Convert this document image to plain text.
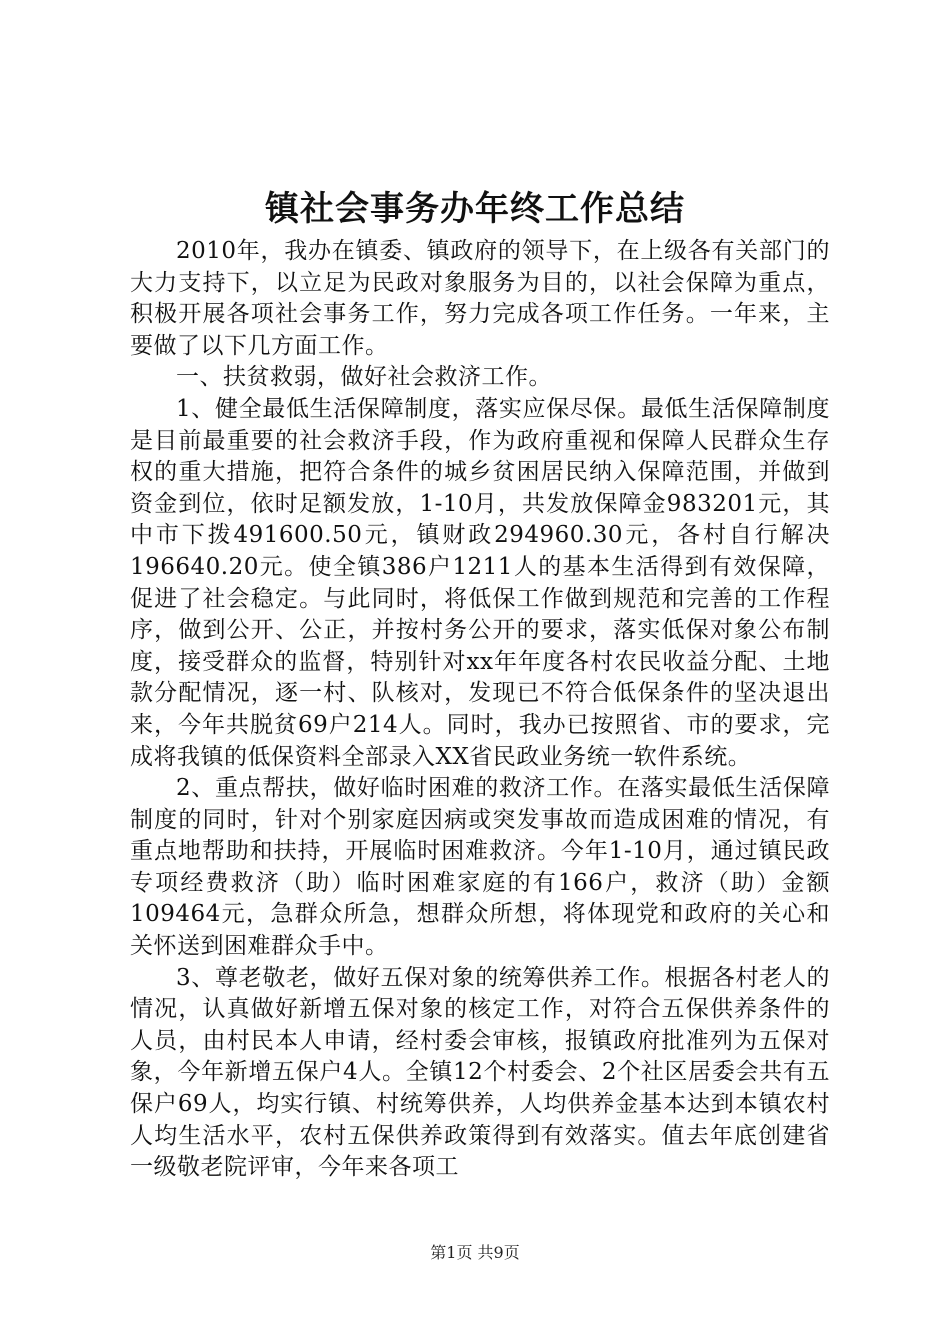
镇社会事务办年终工作总结

2010年，我办在镇委、镇政府的领导下，在上级各有关部门的大力支持下，以立足为民政对象服务为目的，以社会保障为重点，积极开展各项社会事务工作，努力完成各项工作任务。一年来，主要做了以下几方面工作。

一、扶贫救弱，做好社会救济工作。

1、健全最低生活保障制度，落实应保尽保。最低生活保障制度是目前最重要的社会救济手段，作为政府重视和保障人民群众生存权的重大措施，把符合条件的城乡贫困居民纳入保障范围，并做到资金到位，依时足额发放，1-10月，共发放保障金983201元，其中市下拨491600.50元，镇财政294960.30元，各村自行解决196640.20元。使全镇386户1211人的基本生活得到有效保障，促进了社会稳定。与此同时，将低保工作做到规范和完善的工作程序，做到公开、公正，并按村务公开的要求，落实低保对象公布制度，接受群众的监督，特别针对xx年年度各村农民收益分配、土地款分配情况，逐一村、队核对，发现已不符合低保条件的坚决退出来，今年共脱贫69户214人。同时，我办已按照省、市的要求，完成将我镇的低保资料全部录入XX省民政业务统一软件系统。

2、重点帮扶，做好临时困难的救济工作。在落实最低生活保障制度的同时，针对个别家庭因病或突发事故而造成困难的情况，有重点地帮助和扶持，开展临时困难救济。今年1-10月，通过镇民政专项经费救济（助）临时困难家庭的有166户，救济（助）金额109464元，急群众所急，想群众所想，将体现党和政府的关心和关怀送到困难群众手中。

3、尊老敬老，做好五保对象的统筹供养工作。根据各村老人的情况，认真做好新增五保对象的核定工作，对符合五保供养条件的人员，由村民本人申请，经村委会审核，报镇政府批准列为五保对象，今年新增五保户4人。全镇12个村委会、2个社区居委会共有五保户69人，均实行镇、村统筹供养，人均供养金基本达到本镇农村人均生活水平，农村五保供养政策得到有效落实。值去年底创建省一级敬老院评审，今年来各项工

第1页 共9页
